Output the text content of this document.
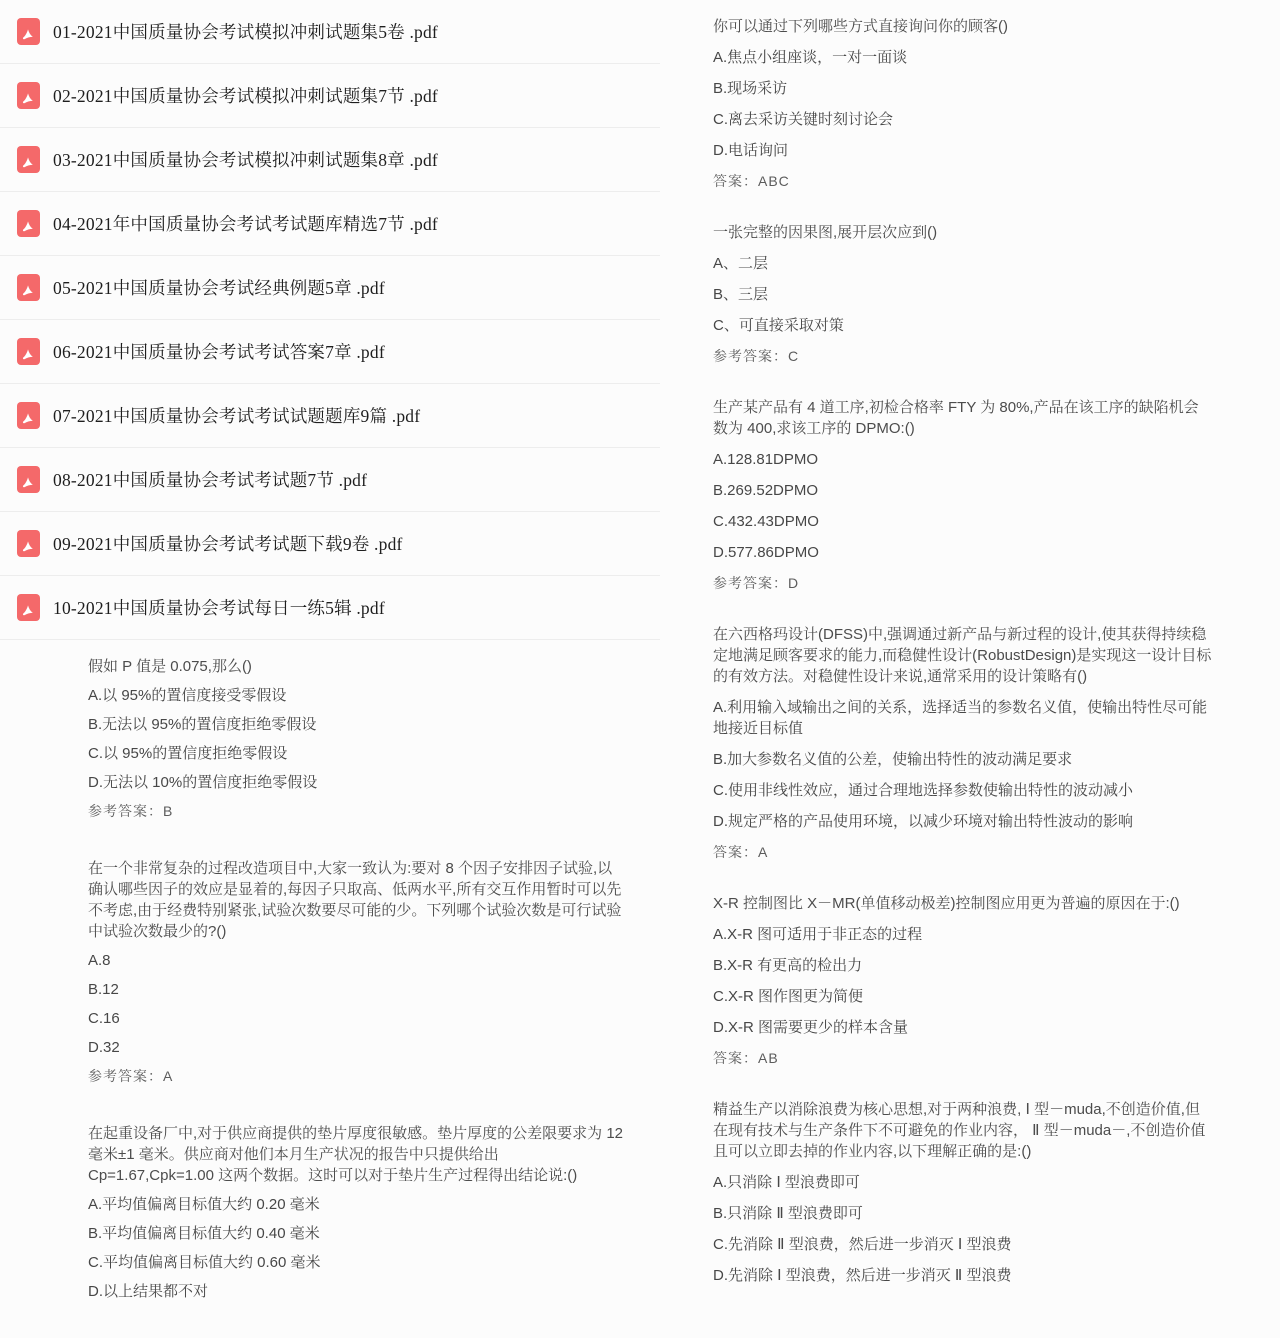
01-2021中国质量协会考试模拟冲刺试题集5卷 .pdf
02-2021中国质量协会考试模拟冲刺试题集7节 .pdf
03-2021中国质量协会考试模拟冲刺试题集8章 .pdf
04-2021年中国质量协会考试考试题库精选7节 .pdf
05-2021中国质量协会考试经典例题5章 .pdf
06-2021中国质量协会考试考试答案7章 .pdf
07-2021中国质量协会考试考试试题题库9篇 .pdf
08-2021中国质量协会考试考试题7节 .pdf
09-2021中国质量协会考试考试题下载9卷 .pdf
10-2021中国质量协会考试每日一练5辑 .pdf
假如 P 值是 0.075,那么()
A.以 95%的置信度接受零假设
B.无法以 95%的置信度拒绝零假设
C.以 95%的置信度拒绝零假设
D.无法以 10%的置信度拒绝零假设
参考答案：B
在一个非常复杂的过程改造项目中,大家一致认为:要对 8 个因子安排因子试验,以确认哪些因子的效应是显着的,每因子只取高、低两水平,所有交互作用暂时可以先不考虑,由于经费特别紧张,试验次数要尽可能的少。下列哪个试验次数是可行试验中试验次数最少的?()
A.8
B.12
C.16
D.32
参考答案：A
在起重设备厂中,对于供应商提供的垫片厚度很敏感。垫片厚度的公差限要求为 12 毫米±1 毫米。供应商对他们本月生产状况的报告中只提供给出 Cp=1.67,Cpk=1.00 这两个数据。这时可以对于垫片生产过程得出结论说:()
A.平均值偏离目标值大约 0.20 毫米
B.平均值偏离目标值大约 0.40 毫米
C.平均值偏离目标值大约 0.60 毫米
D.以上结果都不对
你可以通过下列哪些方式直接询问你的顾客()
A.焦点小组座谈，一对一面谈
B.现场采访
C.离去采访关键时刻讨论会
D.电话询问
答案：ABC
一张完整的因果图,展开层次应到()
A、二层
B、三层
C、可直接采取对策
参考答案：C
生产某产品有 4 道工序,初检合格率 FTY 为 80%,产品在该工序的缺陷机会数为 400,求该工序的 DPMO:()
A.128.81DPMO
B.269.52DPMO
C.432.43DPMO
D.577.86DPMO
参考答案：D
在六西格玛设计(DFSS)中,强调通过新产品与新过程的设计,使其获得持续稳定地满足顾客要求的能力,而稳健性设计(RobustDesign)是实现这一设计目标的有效方法。对稳健性设计来说,通常采用的设计策略有()
A.利用输入域输出之间的关系，选择适当的参数名义值，使输出特性尽可能地接近目标值
B.加大参数名义值的公差，使输出特性的波动满足要求
C.使用非线性效应，通过合理地选择参数使输出特性的波动减小
D.规定严格的产品使用环境，以减少环境对输出特性波动的影响
答案：A
X-R 控制图比 X－MR(单值移动极差)控制图应用更为普遍的原因在于:()
A.X-R 图可适用于非正态的过程
B.X-R 有更高的检出力
C.X-R 图作图更为简便
D.X-R 图需要更少的样本含量
答案：AB
精益生产以消除浪费为核心思想,对于两种浪费, Ⅰ 型－muda,不创造价值,但在现有技术与生产条件下不可避免的作业内容， Ⅱ 型－muda－,不创造价值且可以立即去掉的作业内容,以下理解正确的是:()
A.只消除 Ⅰ 型浪费即可
B.只消除 Ⅱ 型浪费即可
C.先消除 Ⅱ 型浪费，然后进一步消灭 Ⅰ 型浪费
D.先消除 Ⅰ 型浪费，然后进一步消灭 Ⅱ 型浪费
